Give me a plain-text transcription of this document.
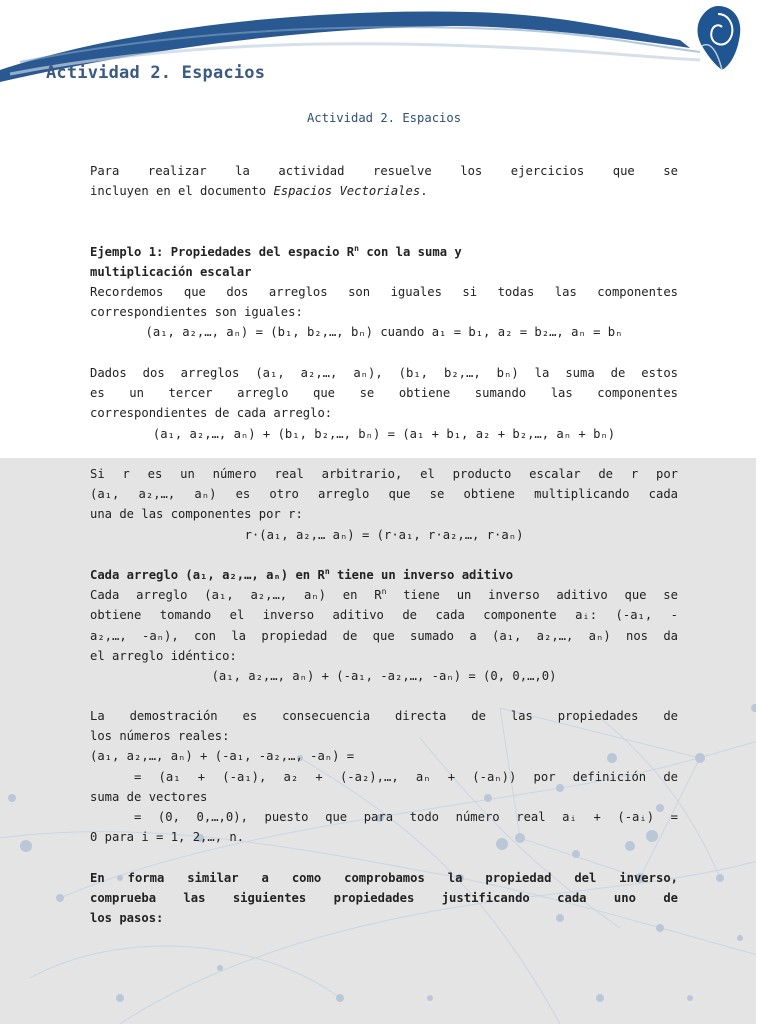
Actividad 2. Espacios
Actividad 2. Espacios
Para realizar la actividad resuelve los ejercicios que se
incluyen en el documento Espacios Vectoriales.
Ejemplo 1: Propiedades del espacio $R^n$ con la suma y
multiplicación escalar
Recordemos que dos arreglos son iguales si todas las componentes
correspondientes son iguales:
(a₁, a₂,…, aₙ) = (b₁, b₂,…, bₙ) cuando a₁ = b₁, a₂ = b₂…, aₙ = bₙ
Dados dos arreglos (a₁, a₂,…, aₙ), (b₁, b₂,…, bₙ) la suma de estos
es un tercer arreglo que se obtiene sumando las componentes
correspondientes de cada arreglo:
(a₁, a₂,…, aₙ) + (b₁, b₂,…, bₙ) = (a₁ + b₁, a₂ + b₂,…, aₙ + bₙ)
Si r es un número real arbitrario, el producto escalar de r por
(a₁, a₂,…, aₙ) es otro arreglo que se obtiene multiplicando cada
una de las componentes por r:
r·(a₁, a₂,… aₙ) = (r·a₁, r·a₂,…, r·aₙ)
Cada arreglo (a₁, a₂,…, aₙ) en $R^n$ tiene un inverso aditivo
Cada arreglo (a₁, a₂,…, aₙ) en $R^n$ tiene un inverso aditivo que se
obtiene tomando el inverso aditivo de cada componente aᵢ: (-a₁, -
a₂,…, -aₙ), con la propiedad de que sumado a (a₁, a₂,…, aₙ) nos da
el arreglo idéntico:
(a₁, a₂,…, aₙ) + (-a₁, -a₂,…, -aₙ) = (0, 0,…,0)
La demostración es consecuencia directa de las propiedades de
los números reales:
(a₁, a₂,…, aₙ) + (-a₁, -a₂,…, -aₙ) =
= (a₁ + (-a₁), a₂ + (-a₂),…, aₙ + (-aₙ)) por definición de
suma de vectores
= (0, 0,…,0), puesto que para todo número real aᵢ + (-aᵢ) =
0 para i = 1, 2,…, n.
En forma similar a como comprobamos la propiedad del inverso,
comprueba las siguientes propiedades justificando cada uno de
los pasos:
